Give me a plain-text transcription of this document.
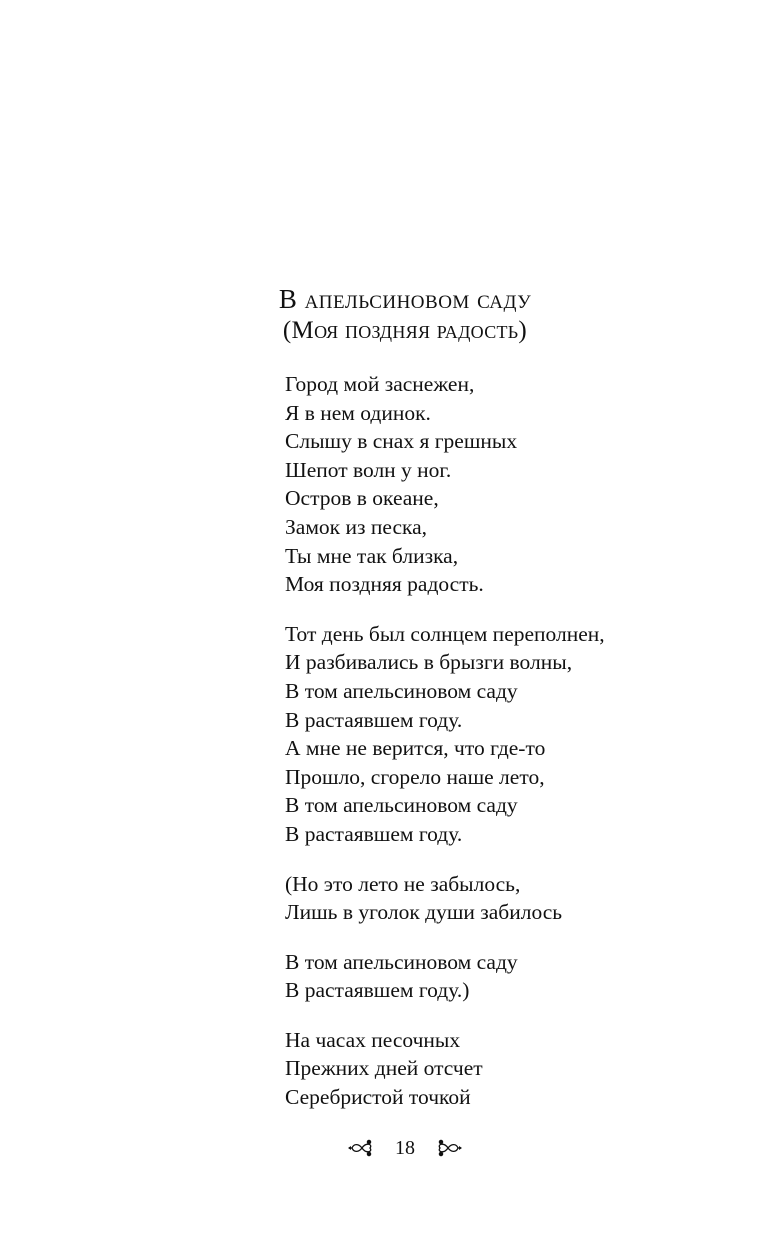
В апельсиновом саду
(Моя поздняя радость)
Город мой заснежен,
Я в нем одинок.
Слышу в снах я грешных
Шепот волн у ног.
Остров в океане,
Замок из песка,
Ты мне так близка,
Моя поздняя радость.
Тот день был солнцем переполнен,
И разбивались в брызги волны,
В том апельсиновом саду
В растаявшем году.
А мне не верится, что где-то
Прошло, сгорело наше лето,
В том апельсиновом саду
В растаявшем году.
(Но это лето не забылось,
Лишь в уголок души забилось
В том апельсиновом саду
В растаявшем году.)
На часах песочных
Прежних дней отсчет
Серебристой точкой
18
